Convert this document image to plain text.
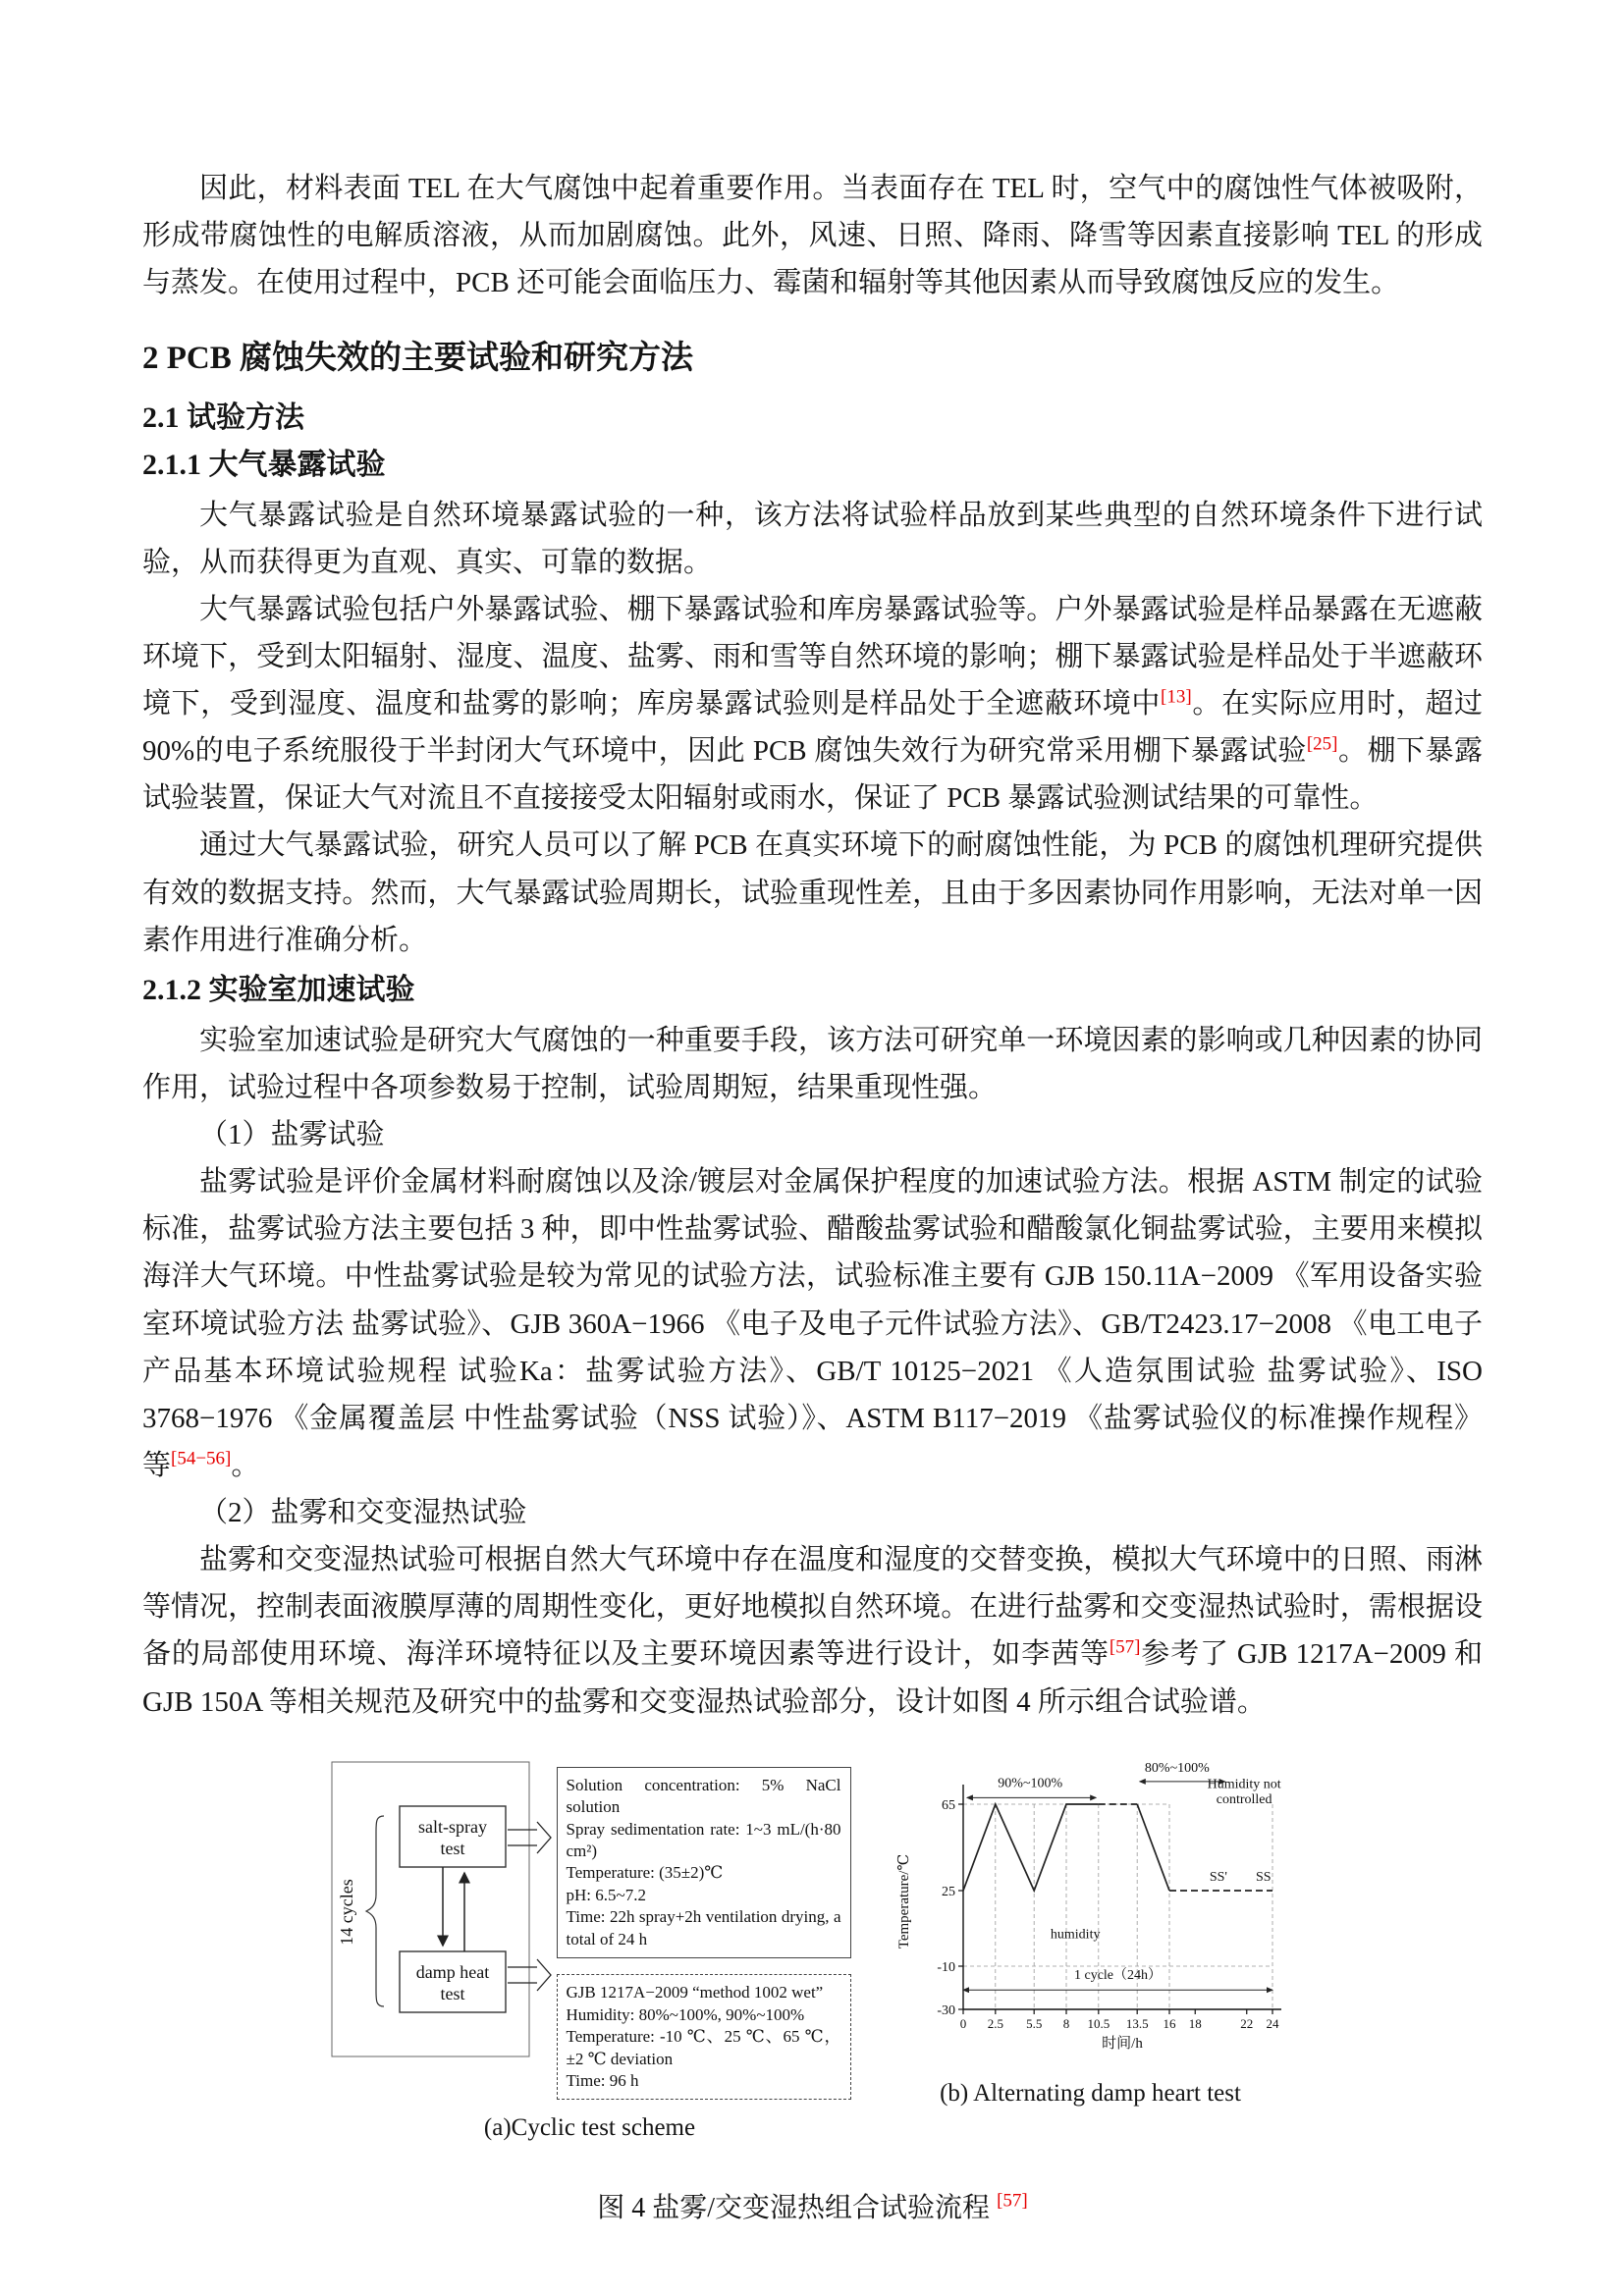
因此，材料表面 TEL 在大气腐蚀中起着重要作用。当表面存在 TEL 时，空气中的腐蚀性气体被吸附，形成带腐蚀性的电解质溶液，从而加剧腐蚀。此外，风速、日照、降雨、降雪等因素直接影响 TEL 的形成与蒸发。在使用过程中，PCB 还可能会面临压力、霉菌和辐射等其他因素从而导致腐蚀反应的发生。

2 PCB 腐蚀失效的主要试验和研究方法
2.1 试验方法
2.1.1 大气暴露试验

大气暴露试验是自然环境暴露试验的一种，该方法将试验样品放到某些典型的自然环境条件下进行试验，从而获得更为直观、真实、可靠的数据。

大气暴露试验包括户外暴露试验、棚下暴露试验和库房暴露试验等。户外暴露试验是样品暴露在无遮蔽环境下，受到太阳辐射、湿度、温度、盐雾、雨和雪等自然环境的影响；棚下暴露试验是样品处于半遮蔽环境下，受到湿度、温度和盐雾的影响；库房暴露试验则是样品处于全遮蔽环境中[13]。在实际应用时，超过 90%的电子系统服役于半封闭大气环境中，因此 PCB 腐蚀失效行为研究常采用棚下暴露试验[25]。棚下暴露试验装置，保证大气对流且不直接接受太阳辐射或雨水，保证了 PCB 暴露试验测试结果的可靠性。

通过大气暴露试验，研究人员可以了解 PCB 在真实环境下的耐腐蚀性能，为 PCB 的腐蚀机理研究提供有效的数据支持。然而，大气暴露试验周期长，试验重现性差，且由于多因素协同作用影响，无法对单一因素作用进行准确分析。

2.1.2 实验室加速试验

实验室加速试验是研究大气腐蚀的一种重要手段，该方法可研究单一环境因素的影响或几种因素的协同作用，试验过程中各项参数易于控制，试验周期短，结果重现性强。

（1）盐雾试验

盐雾试验是评价金属材料耐腐蚀以及涂/镀层对金属保护程度的加速试验方法。根据 ASTM 制定的试验标准，盐雾试验方法主要包括 3 种，即中性盐雾试验、醋酸盐雾试验和醋酸氯化铜盐雾试验，主要用来模拟海洋大气环境。中性盐雾试验是较为常见的试验方法，试验标准主要有 GJB 150.11A−2009 《军用设备实验室环境试验方法 盐雾试验》、GJB 360A−1966 《电子及电子元件试验方法》、GB/T2423.17−2008 《电工电子产品基本环境试验规程 试验Ka：盐雾试验方法》、GB/T 10125−2021 《人造氛围试验 盐雾试验》、ISO 3768−1976 《金属覆盖层 中性盐雾试验（NSS 试验）》、ASTM B117−2019 《盐雾试验仪的标准操作规程》等[54−56]。

（2）盐雾和交变湿热试验

盐雾和交变湿热试验可根据自然大气环境中存在温度和湿度的交替变换，模拟大气环境中的日照、雨淋等情况，控制表面液膜厚薄的周期性变化，更好地模拟自然环境。在进行盐雾和交变湿热试验时，需根据设备的局部使用环境、海洋环境特征以及主要环境因素等进行设计，如李茜等[57]参考了 GJB 1217A−2009 和 GJB 150A 等相关规范及研究中的盐雾和交变湿热试验部分，设计如图 4 所示组合试验谱。

14 cycles
salt-spray
test
damp heat
test
Solution concentration: 5% NaCl solution
Spray sedimentation rate: 1~3 mL/(h·80 cm²)
Temperature: (35±2)℃
pH: 6.5~7.2
Time: 22h spray+2h ventilation drying, a total of 24 h
GJB 1217A−2009 “method 1002 wet”
Humidity: 80%~100%, 90%~100%
Temperature: -10 ℃、25 ℃、65 ℃，±2 ℃ deviation
Time: 96 h
(a)Cyclic test scheme
65
25
-10
-30
0 2.5 5.5 8 10.5 13.5 16 18	22 24
Temperature/℃
时间/h
90%~100%
80%~100%
Humidity not
controlled
humidity
SS' SS
1 cycle（24h）
(b) Alternating damp heart test
图 4 盐雾/交变湿热组合试验流程 [57]
